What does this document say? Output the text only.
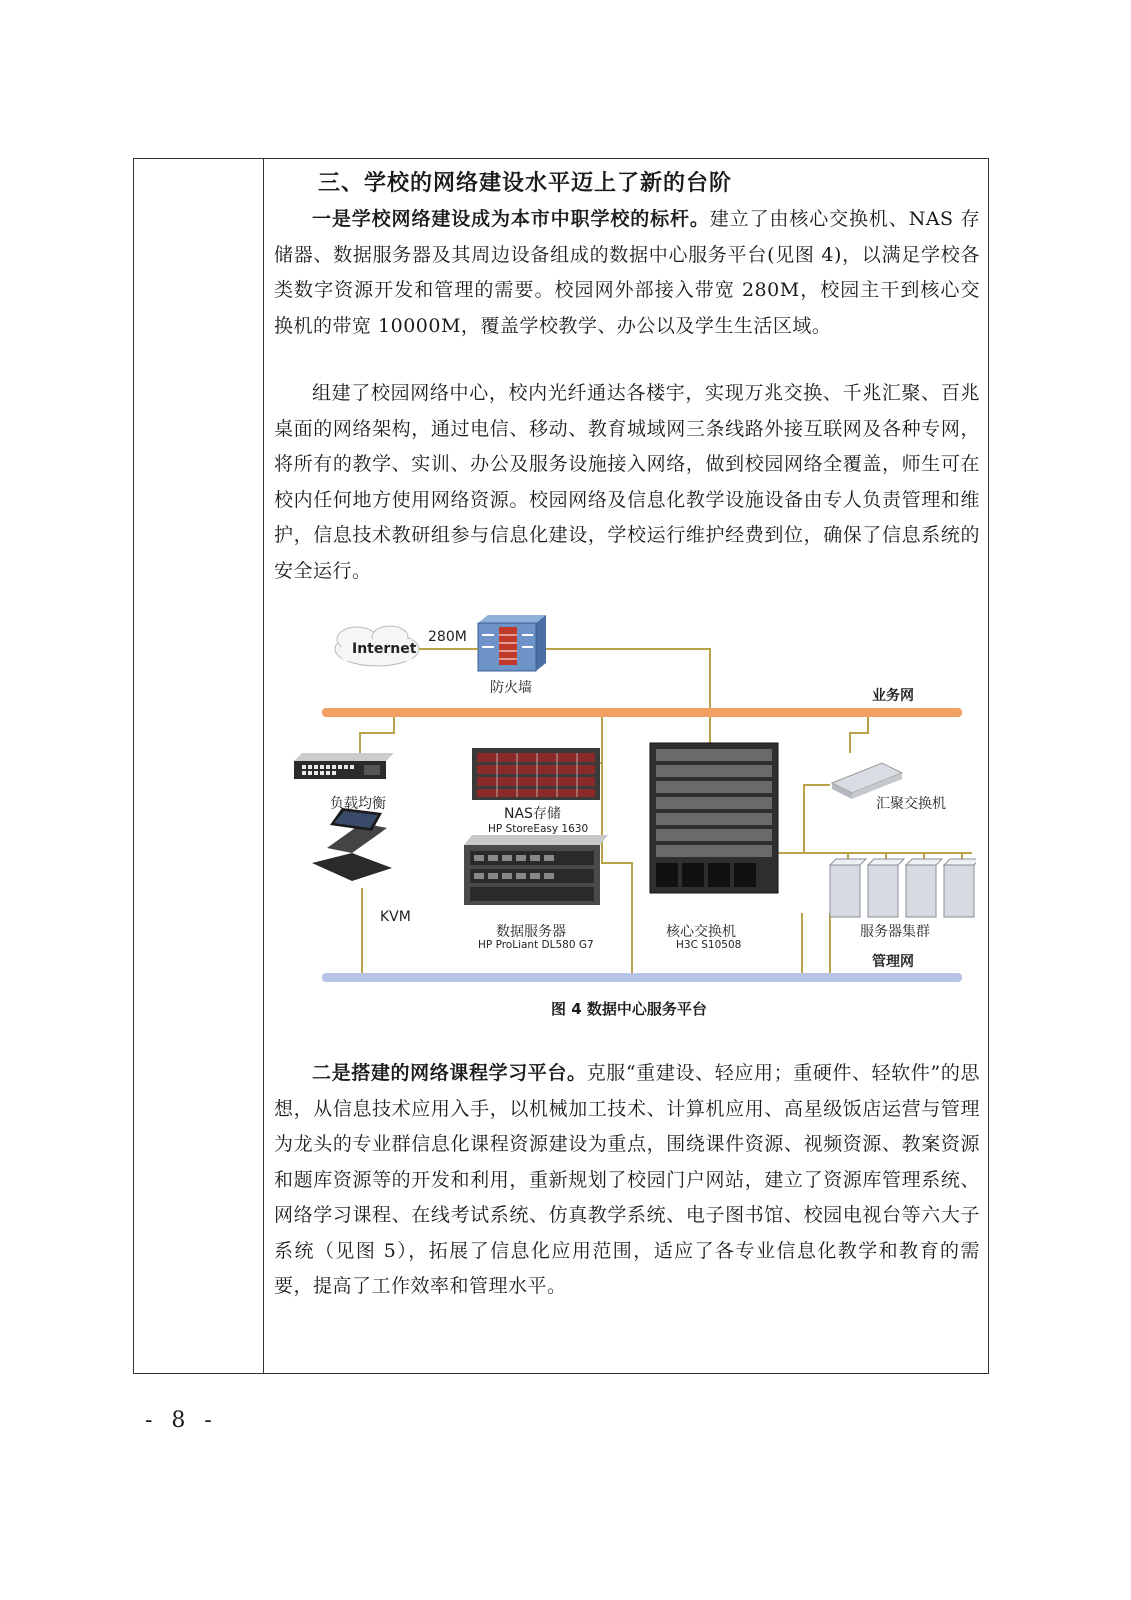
三、学校的网络建设水平迈上了新的台阶

一是学校网络建设成为本市中职学校的标杆。建立了由核心交换机、NAS 存储器、数据服务器及其周边设备组成的数据中心服务平台(见图 4)，以满足学校各类数字资源开发和管理的需要。校园网外部接入带宽 280M，校园主干到核心交换机的带宽 10000M，覆盖学校教学、办公以及学生生活区域。

组建了校园网络中心，校内光纤通达各楼宇，实现万兆交换、千兆汇聚、百兆桌面的网络架构，通过电信、移动、教育城域网三条线路外接互联网及各种专网，将所有的教学、实训、办公及服务设施接入网络，做到校园网络全覆盖，师生可在校内任何地方使用网络资源。校园网络及信息化教学设施设备由专人负责管理和维护，信息技术教研组参与信息化建设，学校运行维护经费到位，确保了信息系统的安全运行。

Internet
280M
防火墙	业务网
负载均衡
NAS存储
HP StoreEasy 1630
汇聚交换机
KVM
数据服务器
HP ProLiant DL580 G7
核心交换机
H3C S10508
服务器集群
管理网
图 4 数据中心服务平台

二是搭建的网络课程学习平台。克服“重建设、轻应用；重硬件、轻软件”的思想，从信息技术应用入手，以机械加工技术、计算机应用、高星级饭店运营与管理为龙头的专业群信息化课程资源建设为重点，围绕课件资源、视频资源、教案资源和题库资源等的开发和利用，重新规划了校园门户网站，建立了资源库管理系统、网络学习课程、在线考试系统、仿真教学系统、电子图书馆、校园电视台等六大子系统（见图 5），拓展了信息化应用范围，适应了各专业信息化教学和教育的需要，提高了工作效率和管理水平。

- 8 -
